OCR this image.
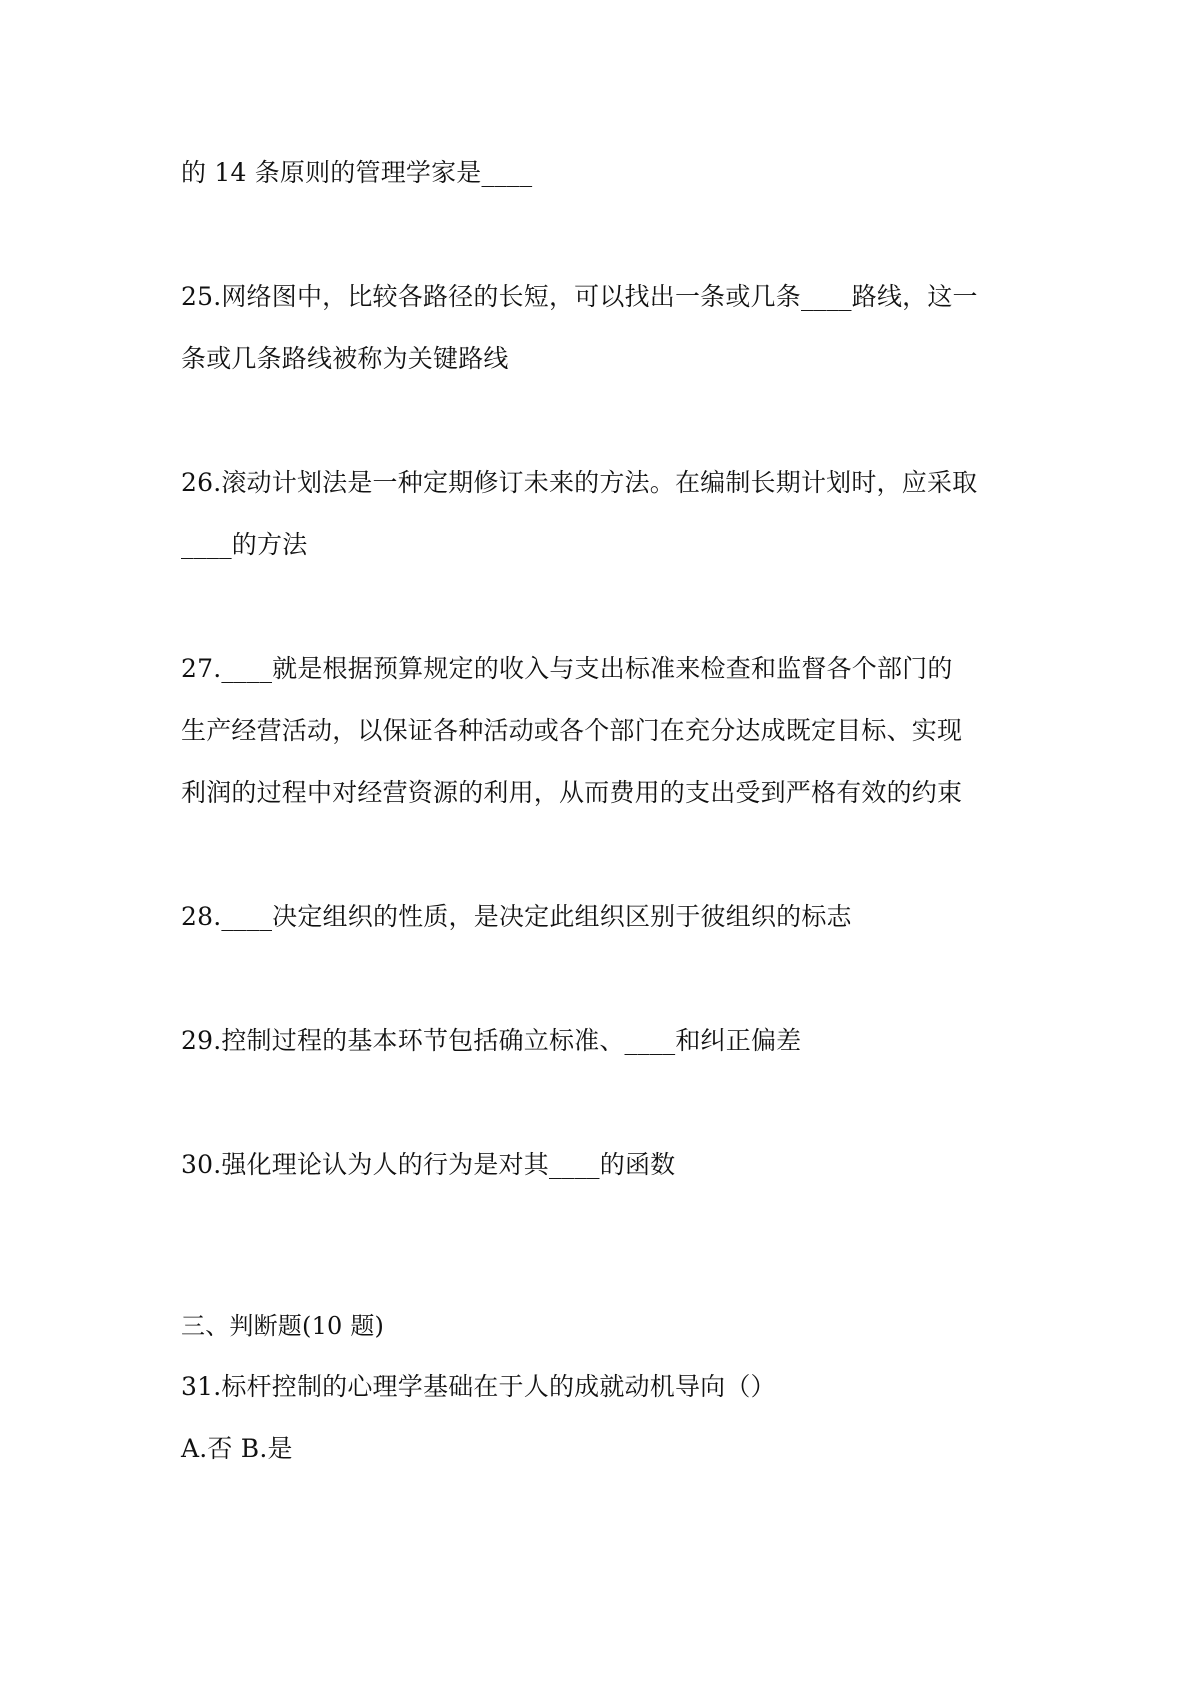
的 14 条原则的管理学家是____
25.网络图中，比较各路径的长短，可以找出一条或几条____路线，这一
条或几条路线被称为关键路线
26.滚动计划法是一种定期修订未来的方法。在编制长期计划时，应采取
____的方法
27.____就是根据预算规定的收入与支出标准来检查和监督各个部门的
生产经营活动，以保证各种活动或各个部门在充分达成既定目标、实现
利润的过程中对经营资源的利用，从而费用的支出受到严格有效的约束
28.____决定组织的性质，是决定此组织区别于彼组织的标志
29.控制过程的基本环节包括确立标准、____和纠正偏差
30.强化理论认为人的行为是对其____的函数
三、判断题(10 题)
31.标杆控制的心理学基础在于人的成就动机导向（）
A.否 B.是
